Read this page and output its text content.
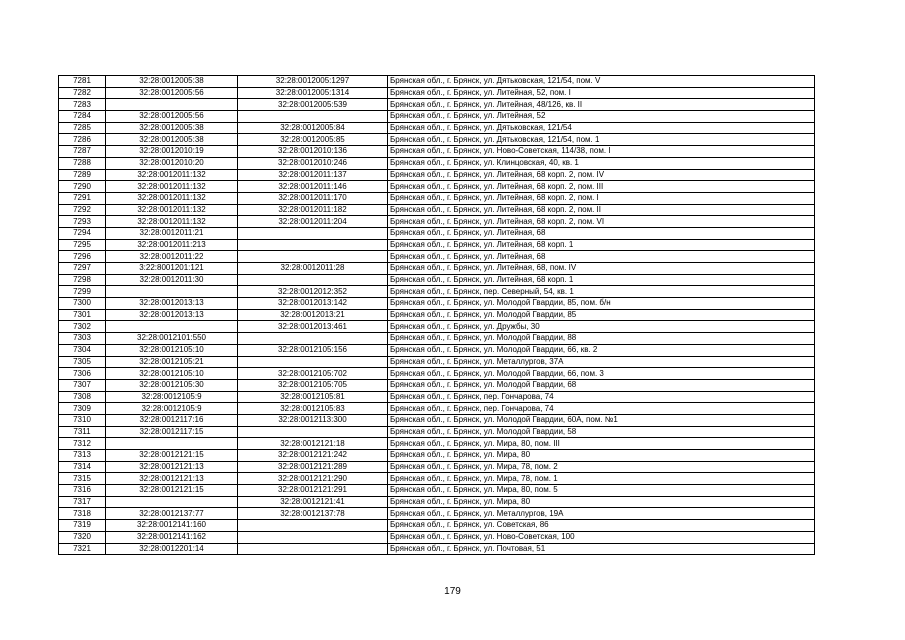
7281	32:28:0012005:38	32:28:0012005:1297	Брянская обл., г. Брянск, ул. Дятьковская, 121/54, пом. V
7282	32:28:0012005:56	32:28:0012005:1314	Брянская обл., г. Брянск, ул. Литейная, 52, пом. I
7283		32:28:0012005:539	Брянская обл., г. Брянск, ул. Литейная, 48/126, кв. II
7284	32:28:0012005:56		Брянская обл., г. Брянск, ул. Литейная, 52
7285	32:28:0012005:38	32:28:0012005:84	Брянская обл., г. Брянск, ул. Дятьковская, 121/54
7286	32:28:0012005:38	32:28:0012005:85	Брянская обл., г. Брянск, ул. Дятьковская, 121/54, пом. 1
7287	32:28:0012010:19	32:28:0012010:136	Брянская обл., г. Брянск, ул. Ново-Советская, 114/38, пом. I
7288	32:28:0012010:20	32:28:0012010:246	Брянская обл., г. Брянск, ул. Клинцовская, 40, кв. 1
7289	32:28:0012011:132	32:28:0012011:137	Брянская обл., г. Брянск, ул. Литейная, 68 корп. 2, пом. IV
7290	32:28:0012011:132	32:28:0012011:146	Брянская обл., г. Брянск, ул. Литейная, 68 корп. 2, пом. III
7291	32:28:0012011:132	32:28:0012011:170	Брянская обл., г. Брянск, ул. Литейная, 68 корп. 2, пом. I
7292	32:28:0012011:132	32:28:0012011:182	Брянская обл., г. Брянск, ул. Литейная, 68 корп. 2, пом. II
7293	32:28:0012011:132	32:28:0012011:204	Брянская обл., г. Брянск, ул. Литейная, 68 корп. 2, пом. VI
7294	32:28:0012011:21		Брянская обл., г. Брянск, ул. Литейная, 68
7295	32:28:0012011:213		Брянская обл., г. Брянск, ул. Литейная, 68 корп. 1
7296	32:28:0012011:22		Брянская обл., г. Брянск, ул. Литейная, 68
7297	3:22:8001201:121	32:28:0012011:28	Брянская обл., г. Брянск, ул. Литейная, 68, пом. IV
7298	32:28:0012011:30		Брянская обл., г. Брянск, ул. Литейная, 68 корп. 1
7299		32:28:0012012:352	Брянская обл., г. Брянск, пер. Северный, 54, кв. 1
7300	32:28:0012013:13	32:28:0012013:142	Брянская обл., г. Брянск, ул. Молодой Гвардии, 85, пом. б/н
7301	32:28:0012013:13	32:28:0012013:21	Брянская обл., г. Брянск, ул. Молодой Гвардии, 85
7302		32:28:0012013:461	Брянская обл., г. Брянск, ул. Дружбы, 30
7303	32:28:0012101:550		Брянская обл., г. Брянск, ул. Молодой Гвардии, 88
7304	32:28:0012105:10	32:28:0012105:156	Брянская обл., г. Брянск, ул. Молодой Гвардии, 66, кв. 2
7305	32:28:0012105:21		Брянская обл., г. Брянск, ул. Металлургов, 37А
7306	32:28:0012105:10	32:28:0012105:702	Брянская обл., г. Брянск, ул. Молодой Гвардии, 66, пом. 3
7307	32:28:0012105:30	32:28:0012105:705	Брянская обл., г. Брянск, ул. Молодой Гвардии, 68
7308	32:28:0012105:9	32:28:0012105:81	Брянская обл., г. Брянск, пер. Гончарова, 74
7309	32:28:0012105:9	32:28:0012105:83	Брянская обл., г. Брянск, пер. Гончарова, 74
7310	32:28:0012117:16	32:28:0012113:300	Брянская обл., г. Брянск, ул. Молодой Гвардии, 60А, пом. №1
7311	32:28:0012117:15		Брянская обл., г. Брянск, ул. Молодой Гвардии, 58
7312		32:28:0012121:18	Брянская обл., г. Брянск, ул. Мира, 80, пом. III
7313	32:28:0012121:15	32:28:0012121:242	Брянская обл., г. Брянск, ул. Мира, 80
7314	32:28:0012121:13	32:28:0012121:289	Брянская обл., г. Брянск, ул. Мира, 78, пом. 2
7315	32:28:0012121:13	32:28:0012121:290	Брянская обл., г. Брянск, ул. Мира, 78, пом. 1
7316	32:28:0012121:15	32:28:0012121:291	Брянская обл., г. Брянск, ул. Мира, 80, пом. 5
7317		32:28:0012121:41	Брянская обл., г. Брянск, ул. Мира, 80
7318	32:28:0012137:77	32:28:0012137:78	Брянская обл., г. Брянск, ул. Металлургов, 19А
7319	32:28:0012141:160		Брянская обл., г. Брянск, ул. Советская, 86
7320	32:28:0012141:162		Брянская обл., г. Брянск, ул. Ново-Советская, 100
7321	32:28:0012201:14		Брянская обл., г. Брянск, ул. Почтовая, 51
179
